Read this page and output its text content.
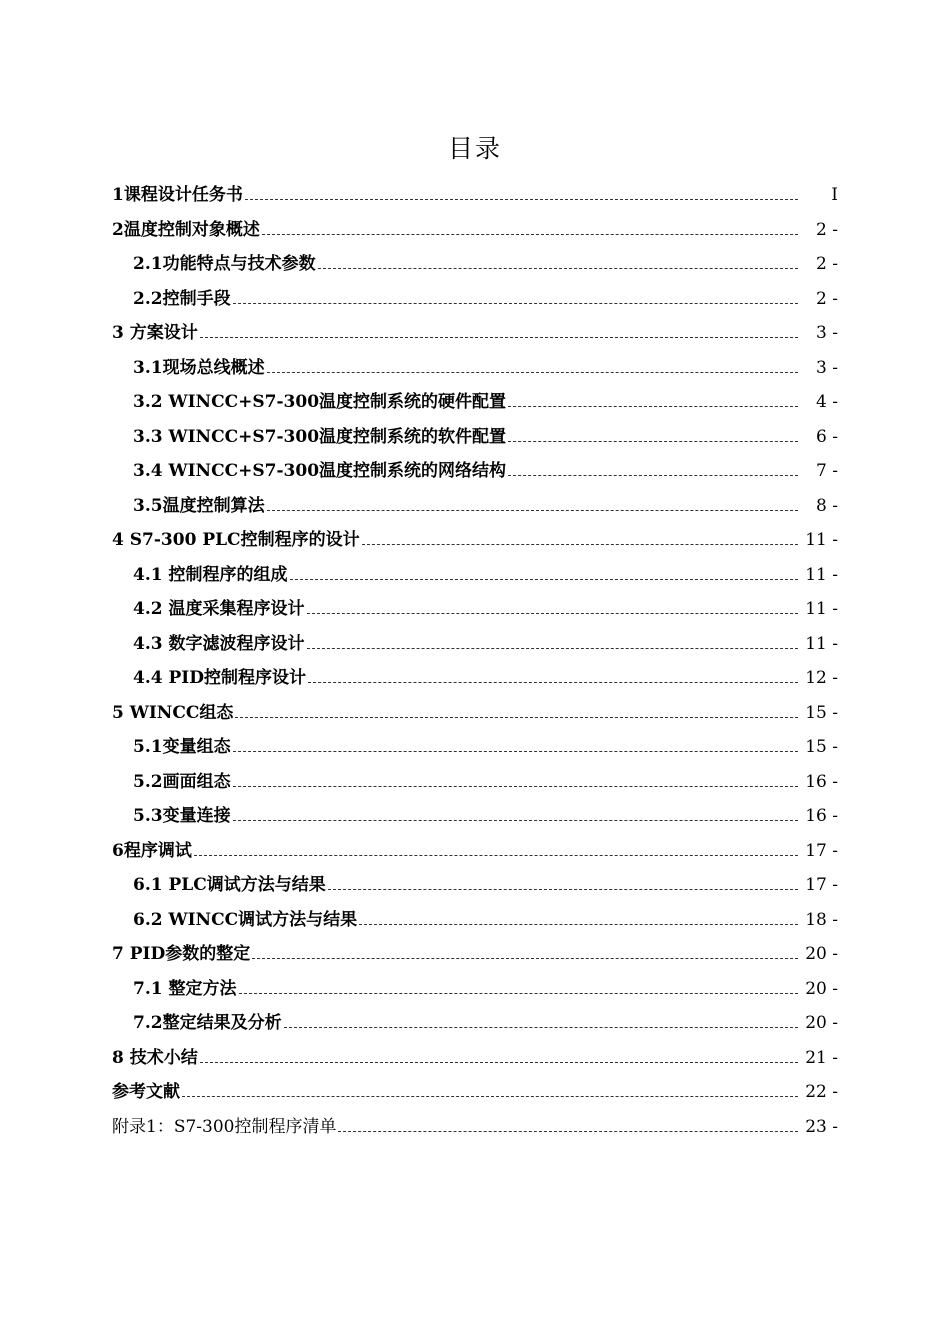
目录
1课程设计任务书	I
2温度控制对象概述	2 -
2.1功能特点与技术参数	2 -
2.2控制手段	2 -
3 方案设计	3 -
3.1现场总线概述	3 -
3.2 WINCC+S7-300温度控制系统的硬件配置	4 -
3.3 WINCC+S7-300温度控制系统的软件配置	6 -
3.4 WINCC+S7-300温度控制系统的网络结构	7 -
3.5温度控制算法	8 -
4 S7-300 PLC控制程序的设计	11 -
4.1 控制程序的组成	11 -
4.2 温度采集程序设计	11 -
4.3 数字滤波程序设计	11 -
4.4 PID控制程序设计	12 -
5 WINCC组态	15 -
5.1变量组态	15 -
5.2画面组态	16 -
5.3变量连接	16 -
6程序调试	17 -
6.1 PLC调试方法与结果	17 -
6.2 WINCC调试方法与结果	18 -
7 PID参数的整定	20 -
7.1 整定方法	20 -
7.2整定结果及分析	20 -
8 技术小结	21 -
参考文献	22 -
附录1：S7-300控制程序清单	23 -
